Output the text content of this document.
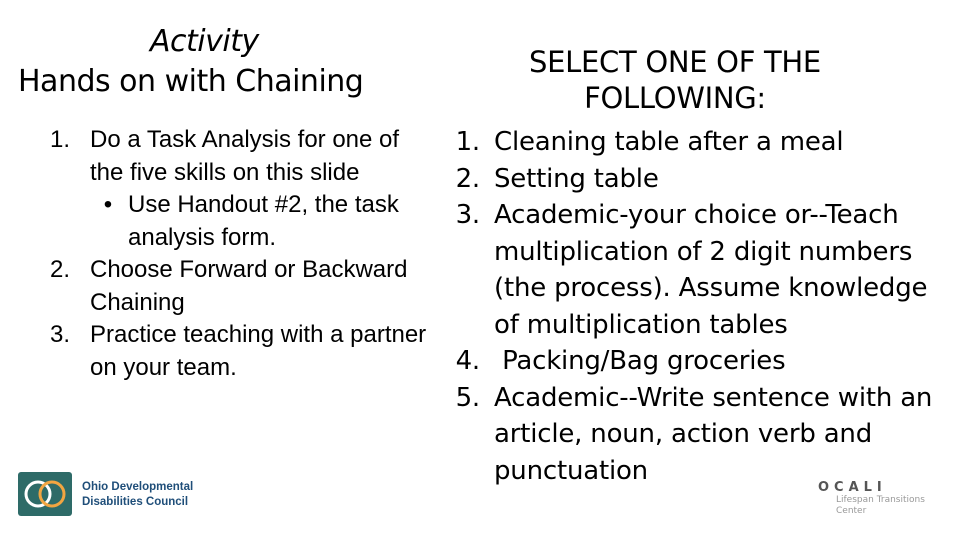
Activity
Hands on with Chaining
SELECT ONE OF THE FOLLOWING:
1. Do a Task Analysis for one of the five skills on this slide
• Use Handout #2, the task analysis form.
2. Choose Forward or Backward Chaining
3. Practice teaching with a partner on your team.
1. Cleaning table after a meal
2. Setting table
3. Academic-your choice or--Teach multiplication of 2 digit numbers (the process). Assume knowledge of multiplication tables
4. Packing/Bag groceries
5. Academic--Write sentence with an article, noun, action verb and punctuation
Ohio Developmental
Disabilities Council
OCALI
Lifespan Transitions Center
